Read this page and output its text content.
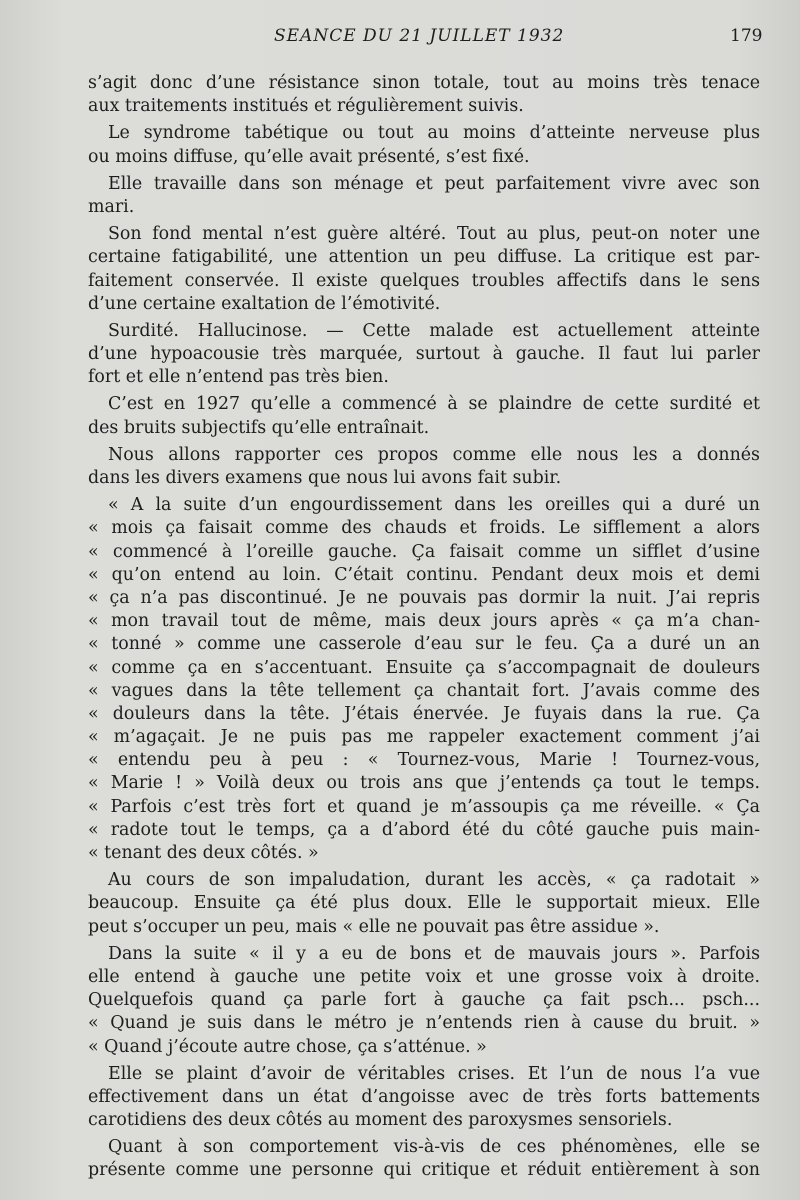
SEANCE DU 21 JUILLET 1932	179
s’agit donc d’une résistance sinon totale, tout au moins très tenace
aux traitements institués et régulièrement suivis.
Le syndrome tabétique ou tout au moins d’atteinte nerveuse plus
ou moins diffuse, qu’elle avait présenté, s’est fixé.
Elle travaille dans son ménage et peut parfaitement vivre avec son
mari.
Son fond mental n’est guère altéré. Tout au plus, peut-on noter une
certaine fatigabilité, une attention un peu diffuse. La critique est par-
faitement conservée. Il existe quelques troubles affectifs dans le sens
d’une certaine exaltation de l’émotivité.
Surdité. Hallucinose. — Cette malade est actuellement atteinte
d’une hypoacousie très marquée, surtout à gauche. Il faut lui parler
fort et elle n’entend pas très bien.
C’est en 1927 qu’elle a commencé à se plaindre de cette surdité et
des bruits subjectifs qu’elle entraînait.
Nous allons rapporter ces propos comme elle nous les a donnés
dans les divers examens que nous lui avons fait subir.
« A la suite d’un engourdissement dans les oreilles qui a duré un
« mois ça faisait comme des chauds et froids. Le sifflement a alors
« commencé à l’oreille gauche. Ça faisait comme un sifflet d’usine
« qu’on entend au loin. C’était continu. Pendant deux mois et demi
« ça n’a pas discontinué. Je ne pouvais pas dormir la nuit. J’ai repris
« mon travail tout de même, mais deux jours après « ça m’a chan-
« tonné » comme une casserole d’eau sur le feu. Ça a duré un an
« comme ça en s’accentuant. Ensuite ça s’accompagnait de douleurs
« vagues dans la tête tellement ça chantait fort. J’avais comme des
« douleurs dans la tête. J’étais énervée. Je fuyais dans la rue. Ça
« m’agaçait. Je ne puis pas me rappeler exactement comment j’ai
« entendu peu à peu : « Tournez-vous, Marie ! Tournez-vous,
« Marie ! » Voilà deux ou trois ans que j’entends ça tout le temps.
« Parfois c’est très fort et quand je m’assoupis ça me réveille. « Ça
« radote tout le temps, ça a d’abord été du côté gauche puis main-
« tenant des deux côtés. »
Au cours de son impaludation, durant les accès, « ça radotait »
beaucoup. Ensuite ça été plus doux. Elle le supportait mieux. Elle
peut s’occuper un peu, mais « elle ne pouvait pas être assidue ».
Dans la suite « il y a eu de bons et de mauvais jours ». Parfois
elle entend à gauche une petite voix et une grosse voix à droite.
Quelquefois quand ça parle fort à gauche ça fait psch... psch...
« Quand je suis dans le métro je n’entends rien à cause du bruit. »
« Quand j’écoute autre chose, ça s’atténue. »
Elle se plaint d’avoir de véritables crises. Et l’un de nous l’a vue
effectivement dans un état d’angoisse avec de très forts battements
carotidiens des deux côtés au moment des paroxysmes sensoriels.
Quant à son comportement vis-à-vis de ces phénomènes, elle se
présente comme une personne qui critique et réduit entièrement à son
